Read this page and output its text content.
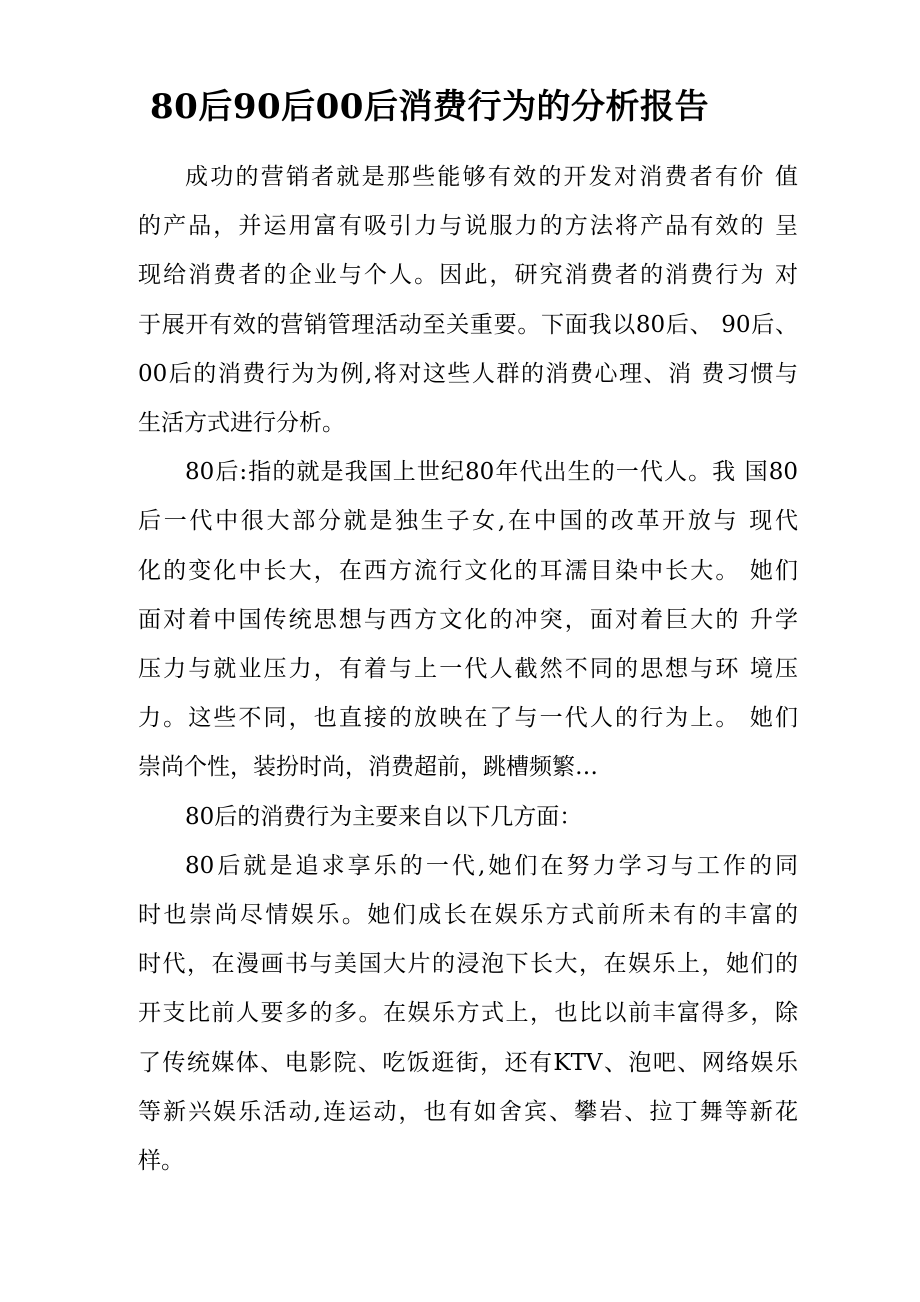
80后90后00后消费行为的分析报告

成功的营销者就是那些能够有效的开发对消费者有价 值
的产品，并运用富有吸引力与说服力的方法将产品有效的 呈
现给消费者的企业与个人。因此，研究消费者的消费行为 对
于展开有效的营销管理活动至关重要。下面我以80后、 90后、
00后的消费行为为例,将对这些人群的消费心理、消 费习惯与
生活方式进行分析。

80后:指的就是我国上世纪80年代出生的一代人。我 国80
后一代中很大部分就是独生子女,在中国的改革开放与 现代
化的变化中长大，在西方流行文化的耳濡目染中长大。 她们
面对着中国传统思想与西方文化的冲突，面对着巨大的 升学
压力与就业压力，有着与上一代人截然不同的思想与环 境压
力。这些不同，也直接的放映在了与一代人的行为上。 她们
崇尚个性，装扮时尚，消费超前，跳槽频繁…

80后的消费行为主要来自以下几方面：

80后就是追求享乐的一代,她们在努力学习与工作的同
时也崇尚尽情娱乐。她们成长在娱乐方式前所未有的丰富的
时代，在漫画书与美国大片的浸泡下长大，在娱乐上，她们的
开支比前人要多的多。在娱乐方式上，也比以前丰富得多，除
了传统媒体、电影院、吃饭逛街，还有KTV、泡吧、网络娱乐
等新兴娱乐活动,连运动，也有如舍宾、攀岩、拉丁舞等新花
样。
